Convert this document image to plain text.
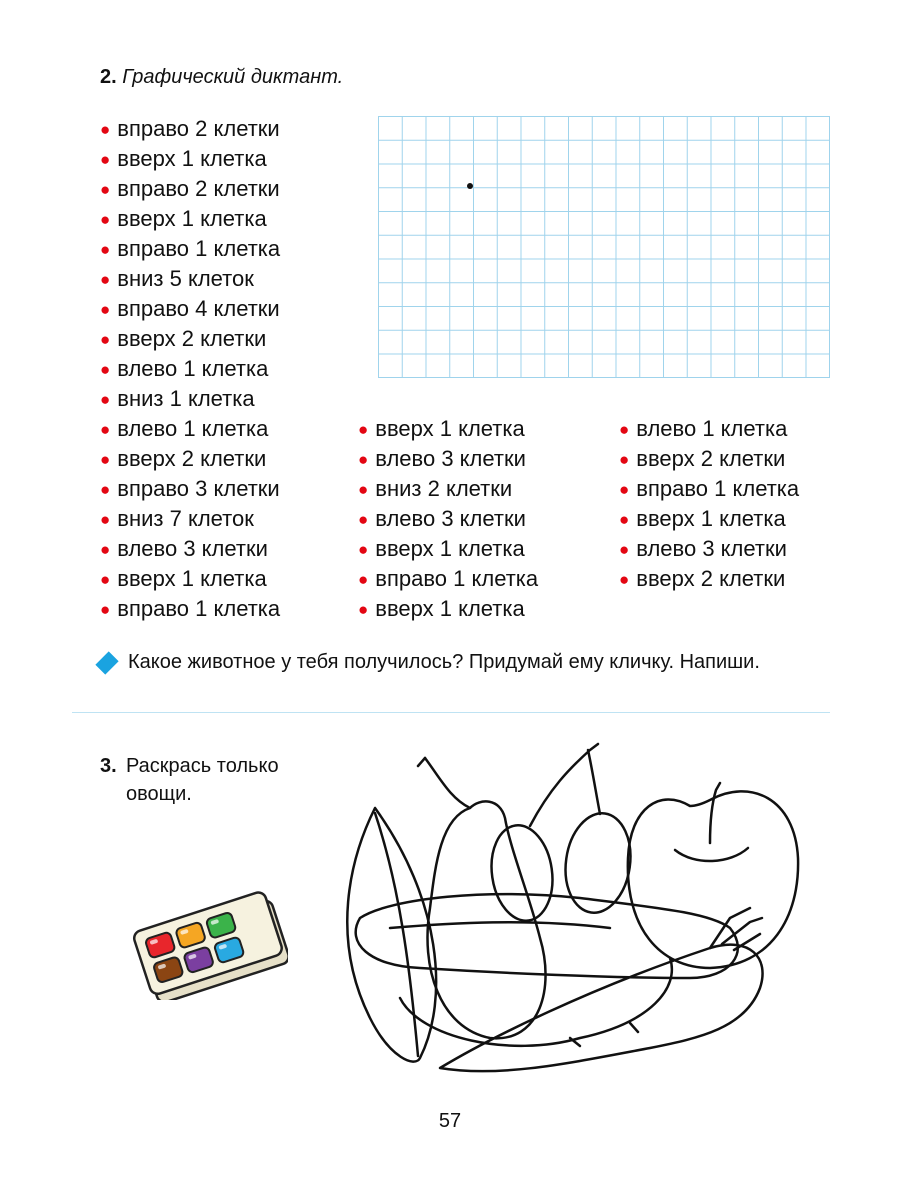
2. Графический диктант.
● вправо 2 клетки
● вверх 1 клетка
● вправо 2 клетки
● вверх 1 клетка
● вправо 1 клетка
● вниз 5 клеток
● вправо 4 клетки
● вверх 2 клетки
● влево 1 клетка
● вниз 1 клетка
● влево 1 клетка
● вверх 2 клетки
● вправо 3 клетки
● вниз 7 клеток
● влево 3 клетки
● вверх 1 клетка
● вправо 1 клетка
● вверх 1 клетка
● влево 3 клетки
● вниз 2 клетки
● влево 3 клетки
● вверх 1 клетка
● вправо 1 клетка
● вверх 1 клетка
● влево 1 клетка
● вверх 2 клетки
● вправо 1 клетка
● вверх 1 клетка
● влево 3 клетки
● вверх 2 клетки
Какое животное у тебя получилось? Придумай ему кличку. Напиши.
3. Раскрась только овощи.
57
